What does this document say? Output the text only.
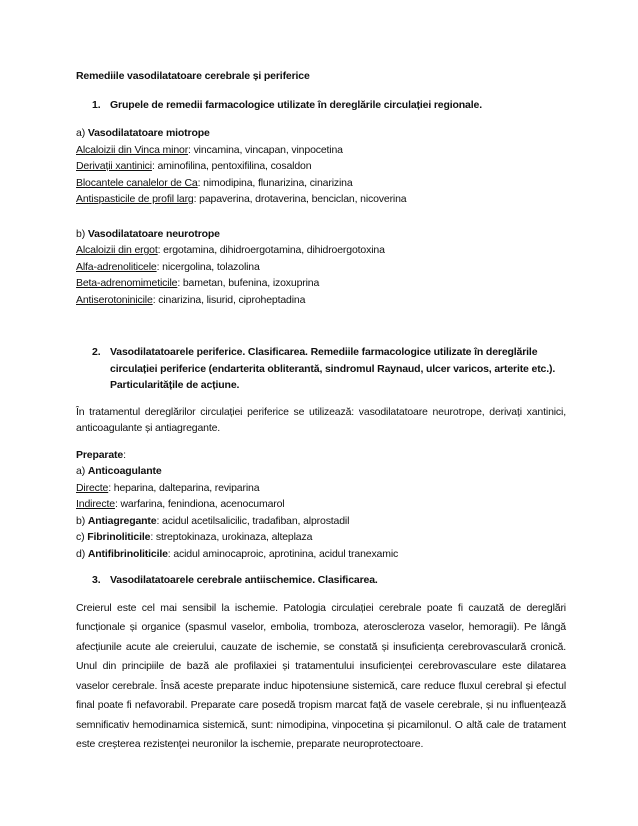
Remediile vasodilatatoare cerebrale și periferice

1. Grupele de remedii farmacologice utilizate în dereglările circulației regionale.

a) Vasodilatatoare miotrope

Alcaloizii din Vinca minor: vincamina, vincapan, vinpocetina

Derivații xantinici: aminofilina, pentoxifilina, cosaldon

Blocantele canalelor de Ca: nimodipina, flunarizina, cinarizina

Antispasticile de profil larg: papaverina, drotaverina, benciclan, nicoverina

b) Vasodilatatoare neurotrope

Alcaloizii din ergot: ergotamina, dihidroergotamina, dihidroergotoxina

Alfa-adrenoliticele: nicergolina, tolazolina

Beta-adrenomimeticile: bametan, bufenina, izoxuprina

Antiserotoninicile: cinarizina, lisurid, ciproheptadina

2. Vasodilatatoarele periferice. Clasificarea. Remediile farmacologice utilizate în dereglările circulației periferice (endarterita obliterantă, sindromul Raynaud, ulcer varicos, arterite etc.). Particularitățile de acțiune.

În tratamentul dereglărilor circulației periferice se utilizează: vasodilatatoare neurotrope, derivați xantinici, anticoagulante și antiagregante.

Preparate:

a) Anticoagulante

Directe: heparina, dalteparina, reviparina

Indirecte: warfarina, fenindiona, acenocumarol

b) Antiagregante: acidul acetilsalicilic, tradafiban, alprostadil

c) Fibrinoliticile: streptokinaza, urokinaza, alteplaza

d) Antifibrinoliticile: acidul aminocaproic, aprotinina, acidul tranexamic

3. Vasodilatatoarele cerebrale antiischemice. Clasificarea.

Creierul este cel mai sensibil la ischemie. Patologia circulației cerebrale poate fi cauzată de dereglări funcționale și organice (spasmul vaselor, embolia, tromboza, ateroscleroza vaselor, hemoragii). Pe lângă afecțiunile acute ale creierului, cauzate de ischemie, se constată și insuficiența cerebrovasculară cronică. Unul din principiile de bază ale profilaxiei și tratamentului insuficienței cerebrovasculare este dilatarea vaselor cerebrale. Însă aceste preparate induc hipotensiune sistemică, care reduce fluxul cerebral și efectul final poate fi nefavorabil. Preparate care posedă tropism marcat față de vasele cerebrale, și nu influențează semnificativ hemodinamica sistemică, sunt: nimodipina, vinpocetina și picamilonul. O altă cale de tratament este creșterea rezistenței neuronilor la ischemie, preparate neuroprotectoare.
